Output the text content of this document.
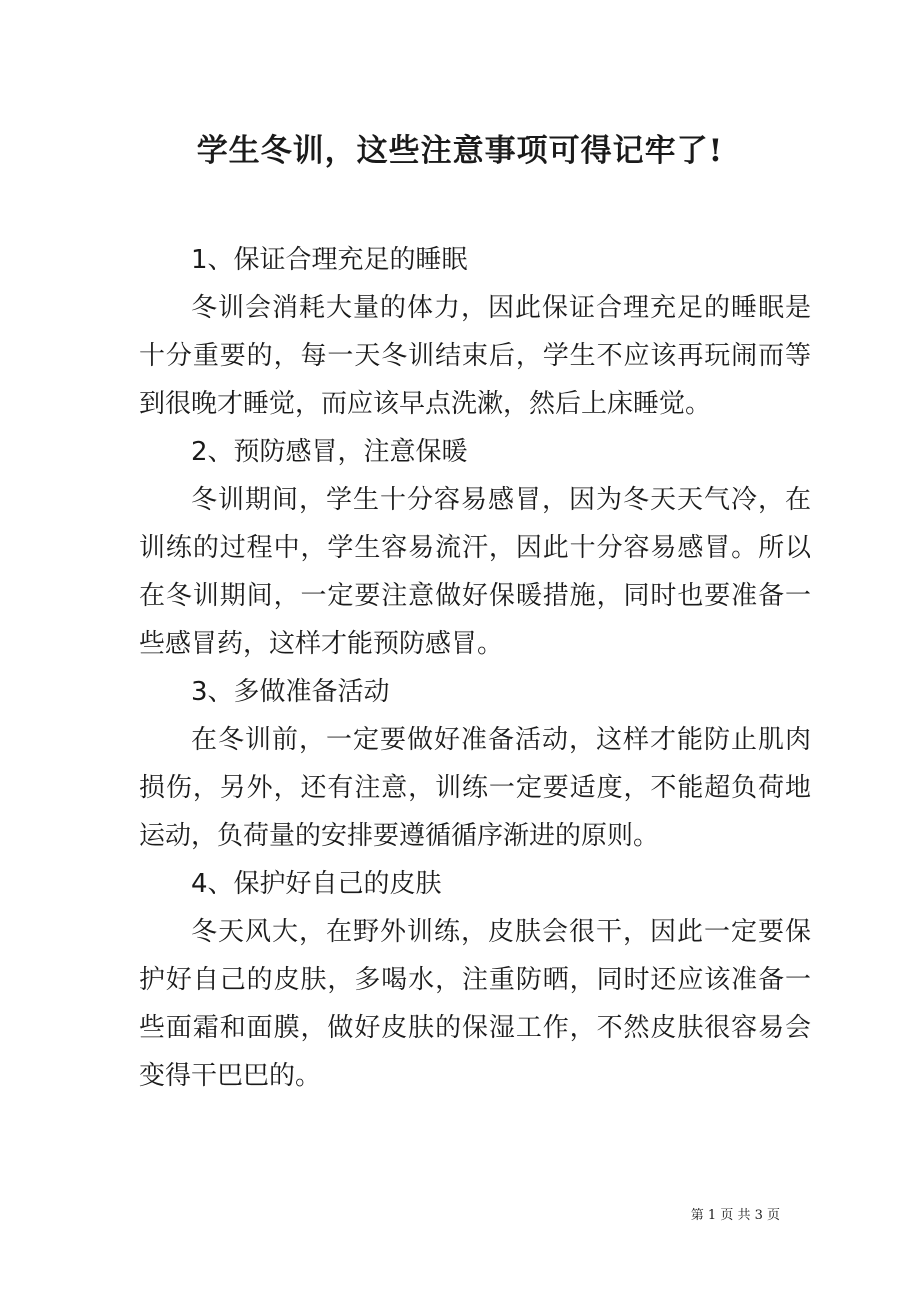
学生冬训，这些注意事项可得记牢了!

1、保证合理充足的睡眠

冬训会消耗大量的体力，因此保证合理充足的睡眠是十分重要的，每一天冬训结束后，学生不应该再玩闹而等到很晚才睡觉，而应该早点洗漱，然后上床睡觉。

2、预防感冒，注意保暖

冬训期间，学生十分容易感冒，因为冬天天气冷，在训练的过程中，学生容易流汗，因此十分容易感冒。所以在冬训期间，一定要注意做好保暖措施，同时也要准备一些感冒药，这样才能预防感冒。

3、多做准备活动

在冬训前，一定要做好准备活动，这样才能防止肌肉损伤，另外，还有注意，训练一定要适度，不能超负荷地运动，负荷量的安排要遵循循序渐进的原则。

4、保护好自己的皮肤

冬天风大，在野外训练，皮肤会很干，因此一定要保护好自己的皮肤，多喝水，注重防晒，同时还应该准备一些面霜和面膜，做好皮肤的保湿工作，不然皮肤很容易会变得干巴巴的。

第 1 页 共 3 页
